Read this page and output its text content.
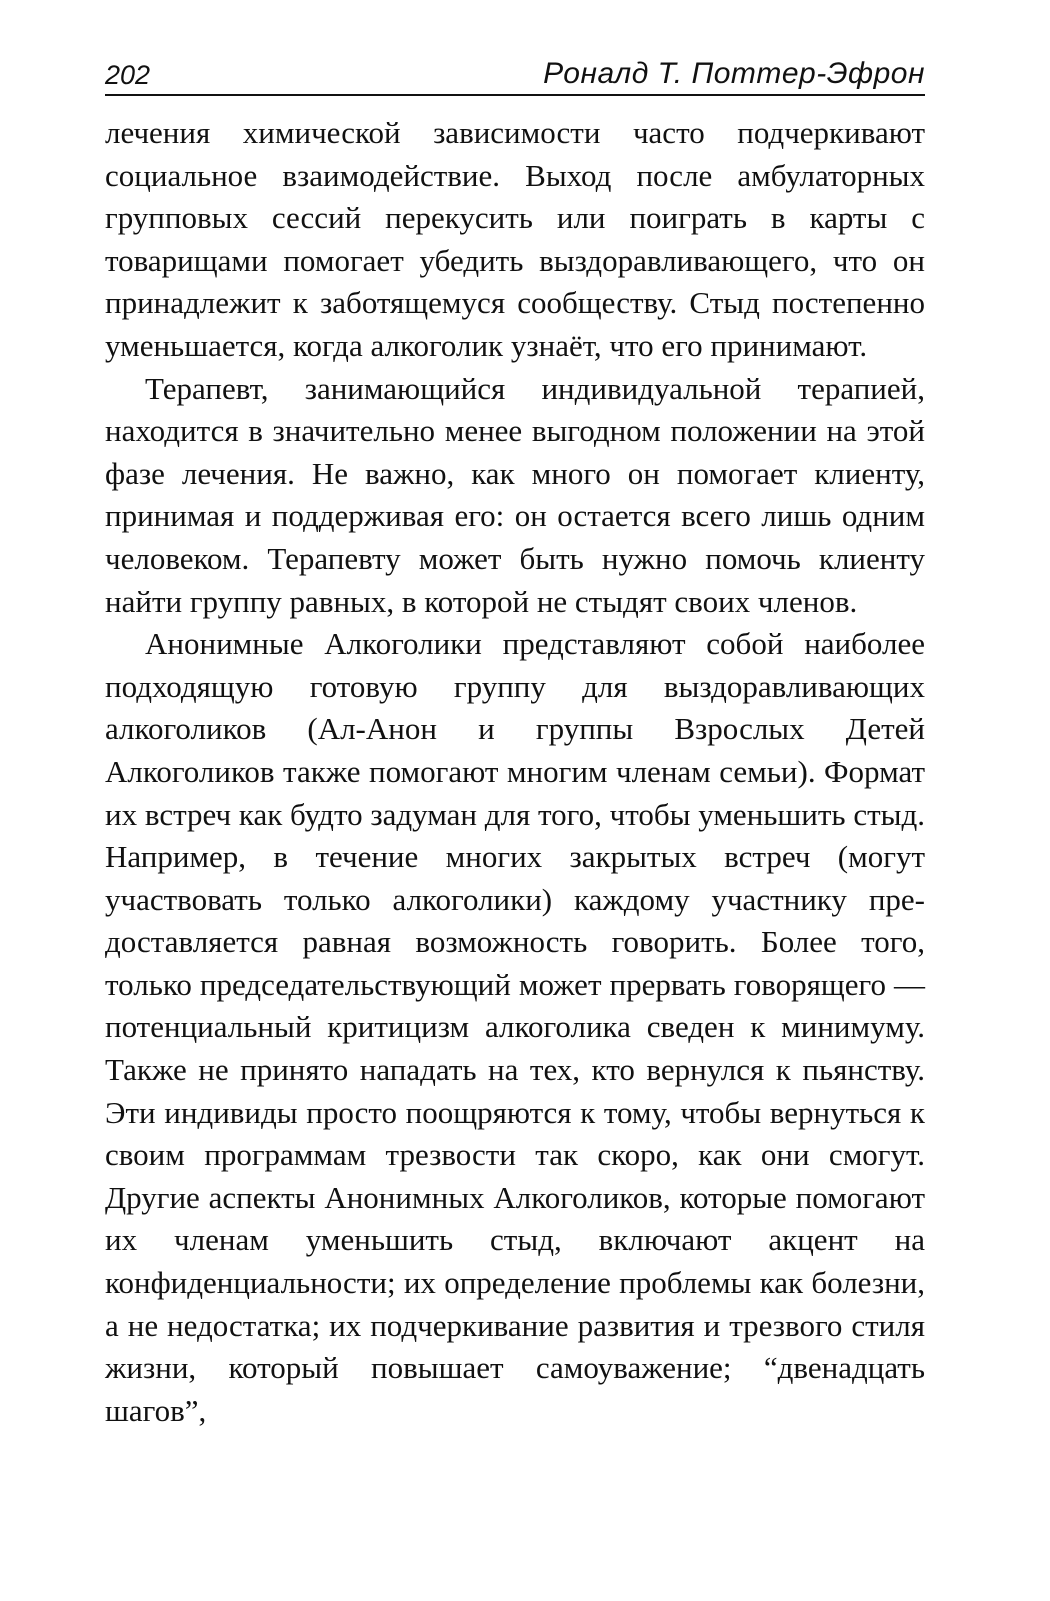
202	Роналд Т. Поттер-Эфрон

лечения химической зависимости часто подчеркивают социальное взаимодействие. Выход после амбулаторных групповых сессий перекусить или поиграть в карты с товарищами помогает убедить выздоравливающего, что он принадлежит к заботящемуся сообществу. Стыд постепенно уменьшается, когда алкоголик узнаёт, что его принимают.

Терапевт, занимающийся индивидуальной терапией, находится в значительно менее выгодном положении на этой фазе лечения. Не важно, как много он помогает клиенту, принимая и поддерживая его: он остается всего лишь одним человеком. Терапевту может быть нужно помочь клиенту найти группу равных, в которой не стыдят своих членов.

Анонимные Алкоголики представляют собой наиболее подходящую готовую группу для выздоравливающих алкоголиков (Ал-Анон и группы Взрослых Детей Алкоголиков также помогают многим членам семьи). Формат их встреч как будто задуман для того, чтобы уменьшить стыд. Например, в течение многих закрытых встреч (могут участвовать только алкоголики) каждому участнику предоставляется равная возможность говорить. Более того, только председательствующий может прервать говорящего — потенциальный критицизм алкоголика сведен к минимуму. Также не принято нападать на тех, кто вернулся к пьянству. Эти индивиды просто поощряются к тому, чтобы вернуться к своим программам трезвости так скоро, как они смогут. Другие аспекты Анонимных Алкоголиков, которые помогают их членам уменьшить стыд, включают акцент на конфиденциальности; их определение проблемы как болезни, а не недостатка; их подчеркивание развития и трезвого стиля жизни, который повышает самоуважение; “двенадцать шагов”,
